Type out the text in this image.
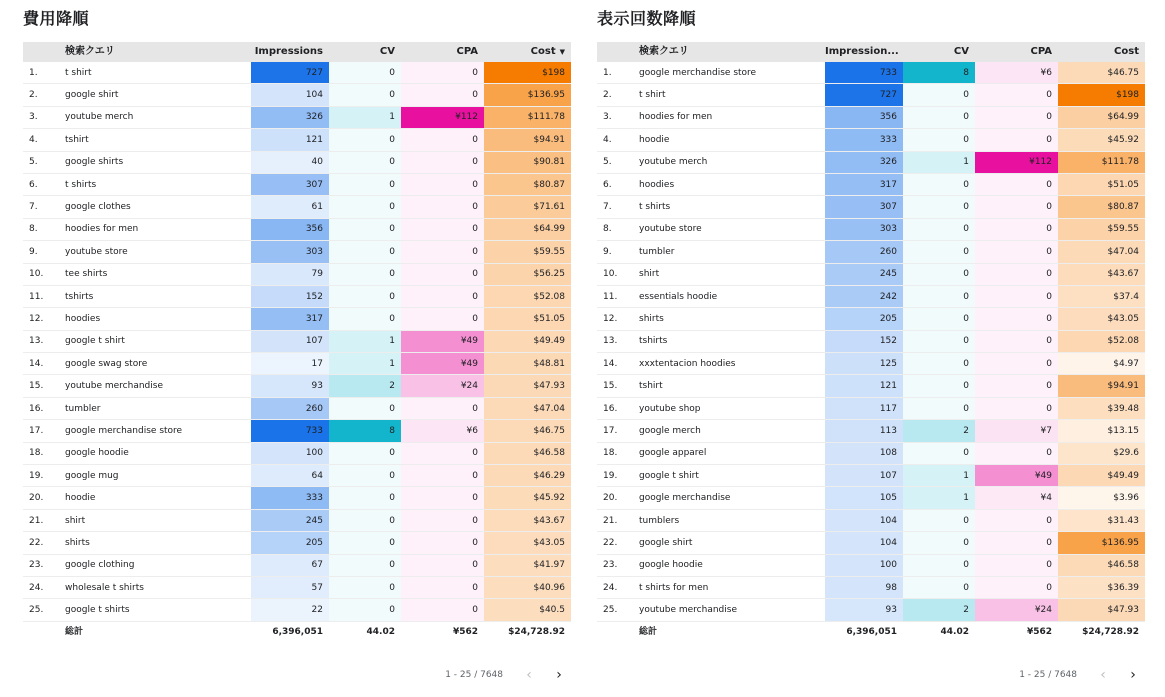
費用降順
検索クエリ	Impressions	CV	CPA	Cost ▼
1.	t shirt	727	0	0	$198
2.	google shirt	104	0	0	$136.95
3.	youtube merch	326	1	¥112	$111.78
4.	tshirt	121	0	0	$94.91
5.	google shirts	40	0	0	$90.81
6.	t shirts	307	0	0	$80.87
7.	google clothes	61	0	0	$71.61
8.	hoodies for men	356	0	0	$64.99
9.	youtube store	303	0	0	$59.55
10.	tee shirts	79	0	0	$56.25
11.	tshirts	152	0	0	$52.08
12.	hoodies	317	0	0	$51.05
13.	google t shirt	107	1	¥49	$49.49
14.	google swag store	17	1	¥49	$48.81
15.	youtube merchandise	93	2	¥24	$47.93
16.	tumbler	260	0	0	$47.04
17.	google merchandise store	733	8	¥6	$46.75
18.	google hoodie	100	0	0	$46.58
19.	google mug	64	0	0	$46.29
20.	hoodie	333	0	0	$45.92
21.	shirt	245	0	0	$43.67
22.	shirts	205	0	0	$43.05
23.	google clothing	67	0	0	$41.97
24.	wholesale t shirts	57	0	0	$40.96
25.	google t shirts	22	0	0	$40.5
総計	6,396,051	44.02	¥562	$24,728.92
1 - 25 / 7648	‹	›
表示回数降順
検索クエリ	Impression...	CV	CPA	Cost
1.	google merchandise store	733	8	¥6	$46.75
2.	t shirt	727	0	0	$198
3.	hoodies for men	356	0	0	$64.99
4.	hoodie	333	0	0	$45.92
5.	youtube merch	326	1	¥112	$111.78
6.	hoodies	317	0	0	$51.05
7.	t shirts	307	0	0	$80.87
8.	youtube store	303	0	0	$59.55
9.	tumbler	260	0	0	$47.04
10.	shirt	245	0	0	$43.67
11.	essentials hoodie	242	0	0	$37.4
12.	shirts	205	0	0	$43.05
13.	tshirts	152	0	0	$52.08
14.	xxxtentacion hoodies	125	0	0	$4.97
15.	tshirt	121	0	0	$94.91
16.	youtube shop	117	0	0	$39.48
17.	google merch	113	2	¥7	$13.15
18.	google apparel	108	0	0	$29.6
19.	google t shirt	107	1	¥49	$49.49
20.	google merchandise	105	1	¥4	$3.96
21.	tumblers	104	0	0	$31.43
22.	google shirt	104	0	0	$136.95
23.	google hoodie	100	0	0	$46.58
24.	t shirts for men	98	0	0	$36.39
25.	youtube merchandise	93	2	¥24	$47.93
総計	6,396,051	44.02	¥562	$24,728.92
1 - 25 / 7648	‹	›
